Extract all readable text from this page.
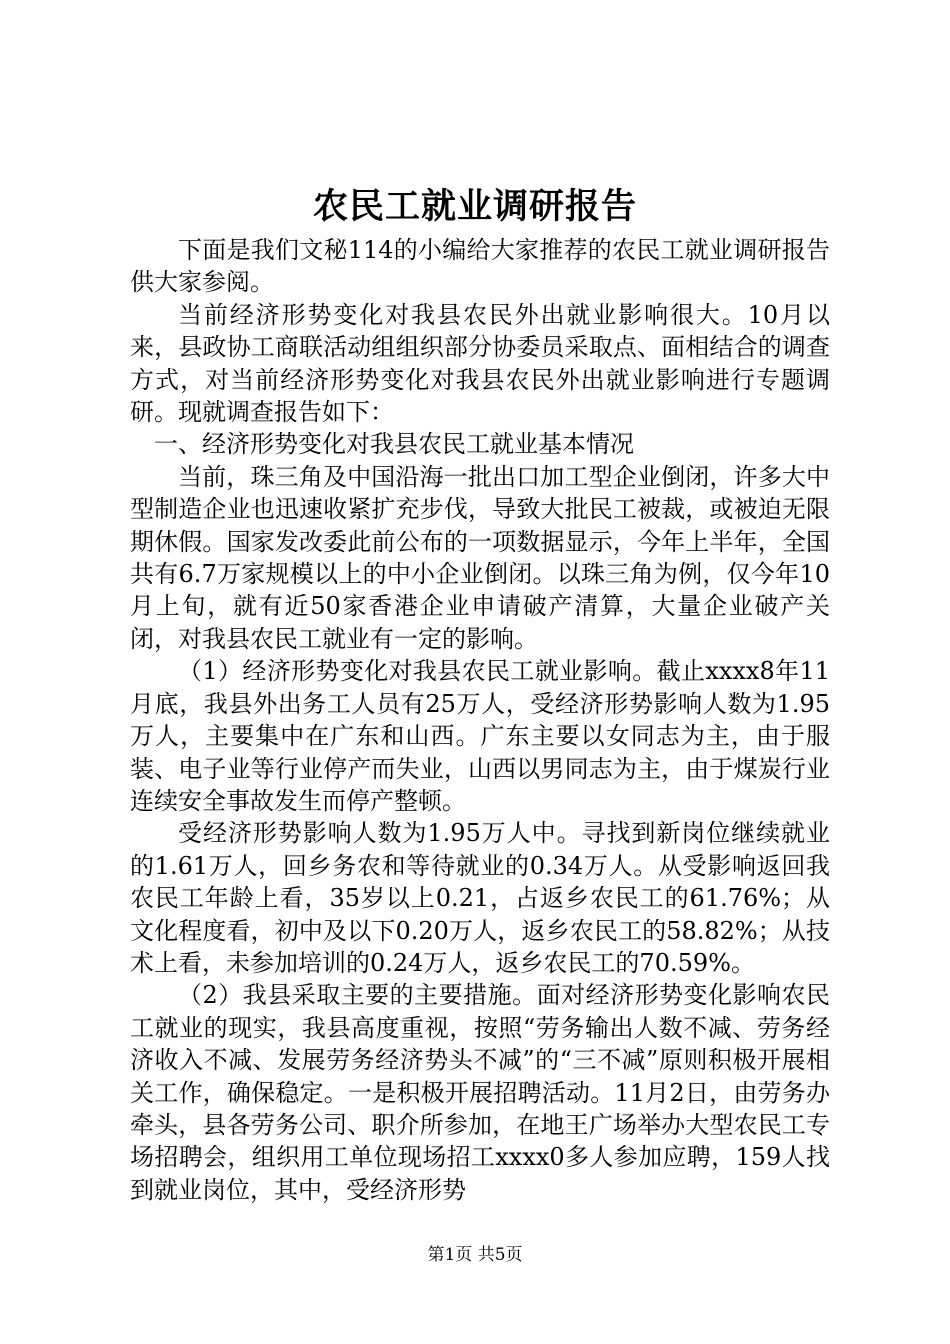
农民工就业调研报告

下面是我们文秘114的小编给大家推荐的农民工就业调研报告供大家参阅。

当前经济形势变化对我县农民外出就业影响很大。10月以来，县政协工商联活动组组织部分协委员采取点、面相结合的调查方式，对当前经济形势变化对我县农民外出就业影响进行专题调研。现就调查报告如下：

一、经济形势变化对我县农民工就业基本情况

当前，珠三角及中国沿海一批出口加工型企业倒闭，许多大中型制造企业也迅速收紧扩充步伐，导致大批民工被裁，或被迫无限期休假。国家发改委此前公布的一项数据显示，今年上半年，全国共有6.7万家规模以上的中小企业倒闭。以珠三角为例，仅今年10月上旬，就有近50家香港企业申请破产清算，大量企业破产关闭，对我县农民工就业有一定的影响。

（1）经济形势变化对我县农民工就业影响。截止xxxx8年11月底，我县外出务工人员有25万人，受经济形势影响人数为1.95万人，主要集中在广东和山西。广东主要以女同志为主，由于服装、电子业等行业停产而失业，山西以男同志为主，由于煤炭行业连续安全事故发生而停产整顿。

受经济形势影响人数为1.95万人中。寻找到新岗位继续就业的1.61万人，回乡务农和等待就业的0.34万人。从受影响返回我农民工年龄上看，35岁以上0.21，占返乡农民工的61.76%；从文化程度看，初中及以下0.20万人，返乡农民工的58.82%；从技术上看，未参加培训的0.24万人，返乡农民工的70.59%。

（2）我县采取主要的主要措施。面对经济形势变化影响农民工就业的现实，我县高度重视，按照“劳务输出人数不减、劳务经济收入不减、发展劳务经济势头不减”的“三不减”原则积极开展相关工作，确保稳定。一是积极开展招聘活动。11月2日，由劳务办牵头，县各劳务公司、职介所参加，在地王广场举办大型农民工专场招聘会，组织用工单位现场招工xxxx0多人参加应聘，159人找到就业岗位，其中，受经济形势

第1页 共5页
